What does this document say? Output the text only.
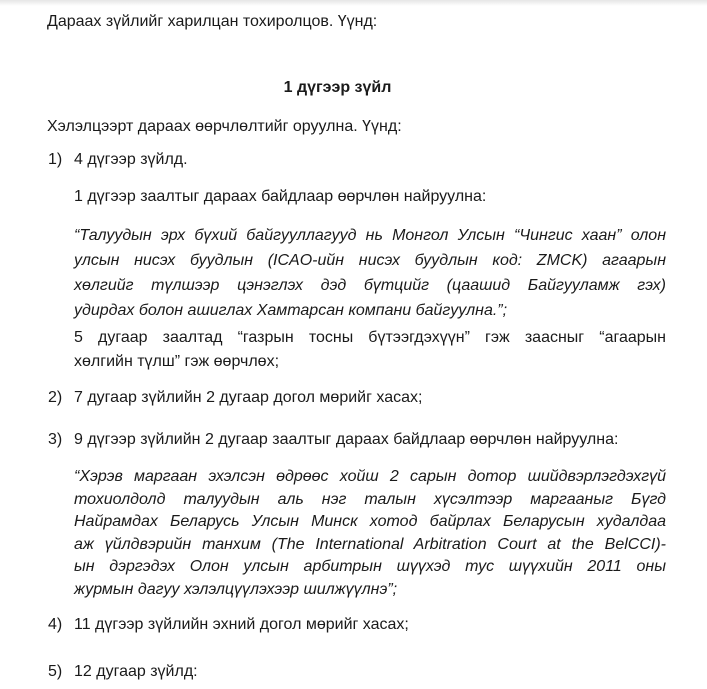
Дараах зүйлийг харилцан тохиролцов. Үүнд:
1 дүгээр зүйл
Хэлэлцээрт дараах өөрчлөлтийг оруулна. Үүнд:
1) 4 дүгээр зүйлд.
1 дүгээр заалтыг дараах байдлаар өөрчлөн найруулна:
“Талуудын эрх бүхий байгууллагууд нь Монгол Улсын “Чингис хаан” олон
улсын нисэх буудлын (ICAO-ийн нисэх буудлын код: ZMCK) агаарын
хөлгийг түлшээр цэнэглэх дэд бүтцийг (цаашид Байгууламж гэх)
удирдах болон ашиглах Хамтарсан компани байгуулна.”;
5 дугаар заалтад “газрын тосны бүтээгдэхүүн” гэж заасныг “агаарын
хөлгийн түлш” гэж өөрчлөх;
2) 7 дугаар зүйлийн 2 дугаар догол мөрийг хасах;
3) 9 дүгээр зүйлийн 2 дугаар заалтыг дараах байдлаар өөрчлөн найруулна:
“Хэрэв маргаан эхэлсэн өдрөөс хойш 2 сарын дотор шийдвэрлэгдэхгүй
тохиолдолд талуудын аль нэг талын хүсэлтээр маргааныг Бүгд
Найрамдах Беларусь Улсын Минск хотод байрлах Беларусын худалдаа
аж үйлдвэрийн танхим (The International Arbitration Court at the BelCCI)-
ын дэргэдэх Олон улсын арбитрын шүүхэд тус шүүхийн 2011 оны
журмын дагуу хэлэлцүүлэхээр шилжүүлнэ”;
4) 11 дүгээр зүйлийн эхний догол мөрийг хасах;
5) 12 дугаар зүйлд:
